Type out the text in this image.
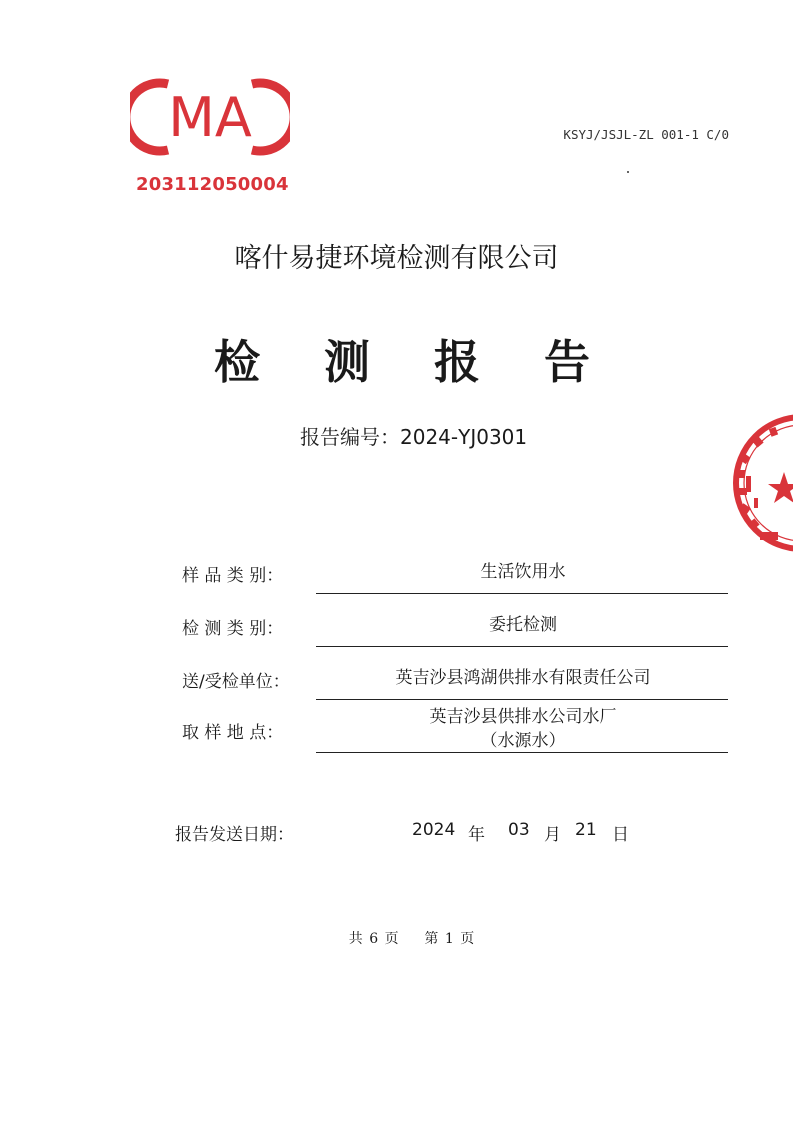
MA
203112050004
KSYJ/JSJL-ZL 001-1 C/0
喀什易捷环境检测有限公司
检 测 报 告
报告编号：2024-YJ0301
样 品 类 别：	生活饮用水
检 测 类 别：	委托检测
送/受检单位：	英吉沙县鸿湖供排水有限责任公司
取 样 地 点：
英吉沙县供排水公司水厂
（水源水）
报告发送日期：	2024 年 03 月 21 日
共 6 页 第 1 页
